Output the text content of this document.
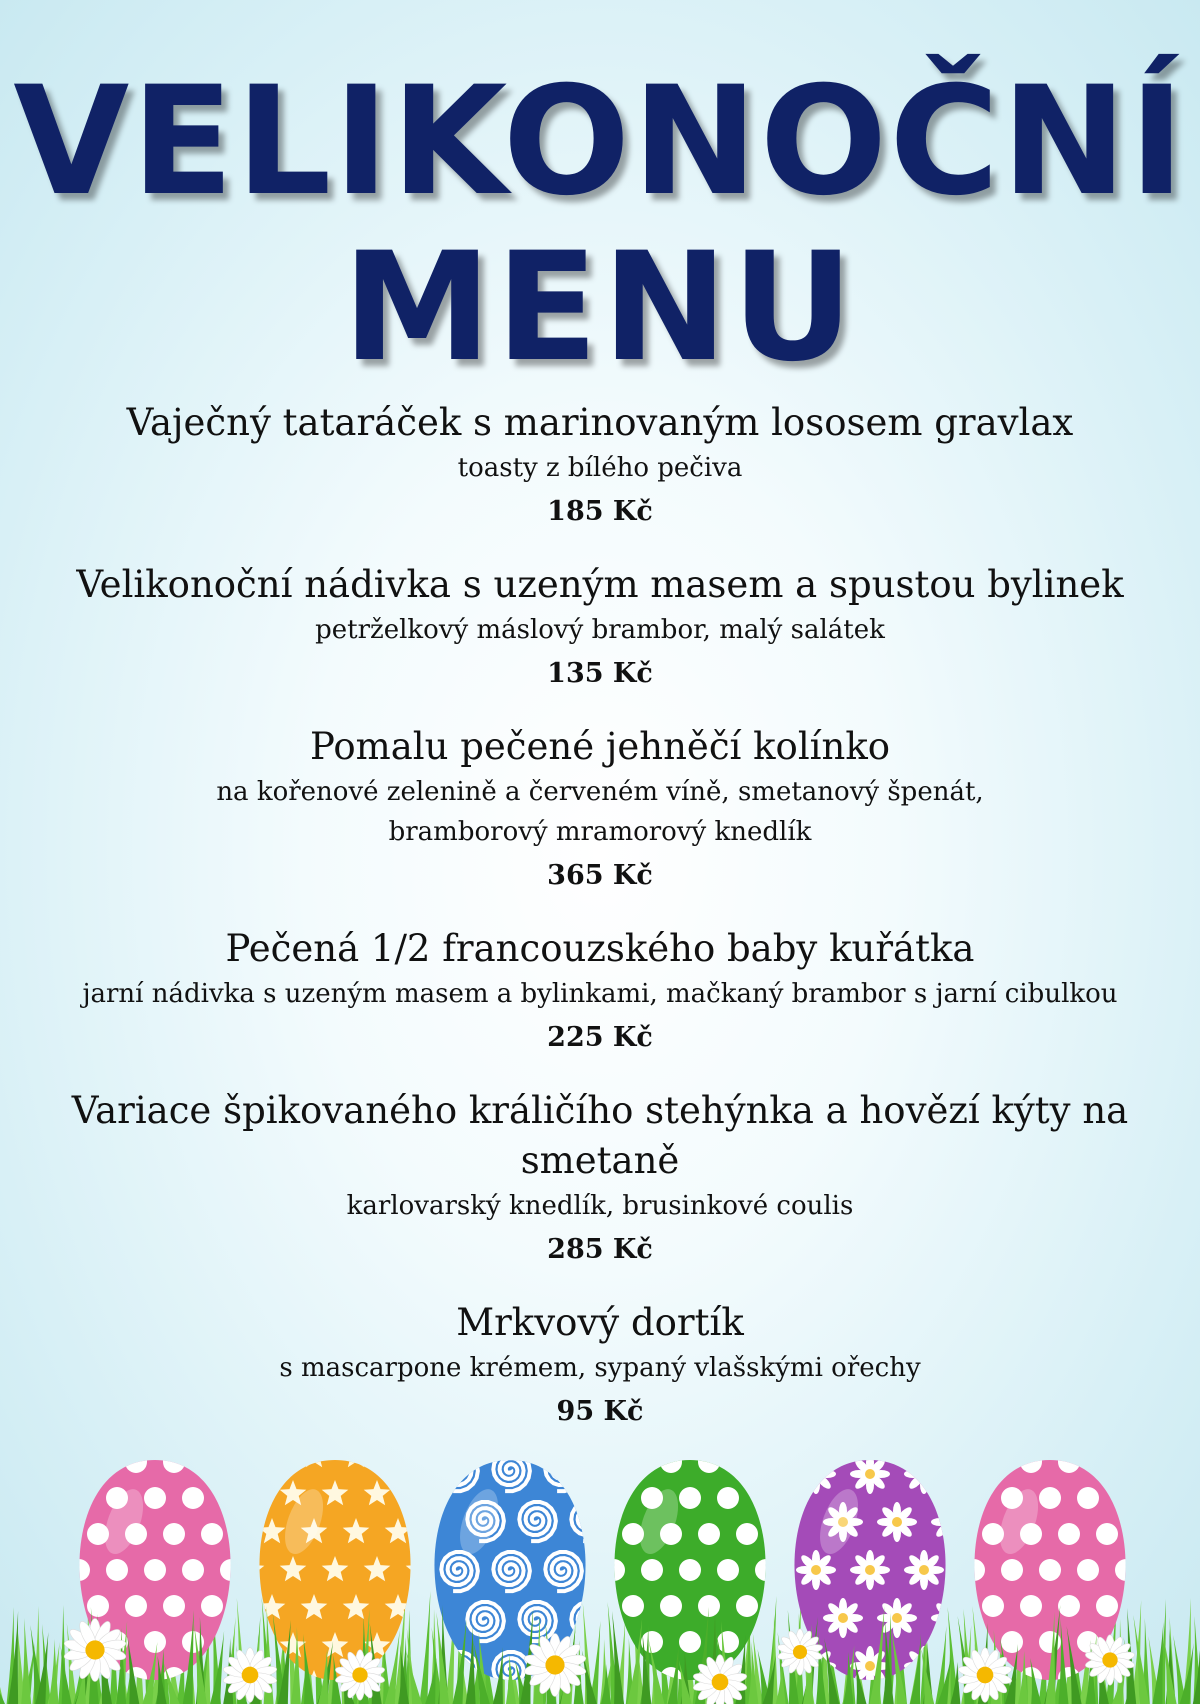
VELIKONOČNÍ
MENU
Vaječný tataráček s marinovaným lososem gravlax
toasty z bílého pečiva
185 Kč
Velikonoční nádivka s uzeným masem a spustou bylinek
petrželkový máslový brambor, malý salátek
135 Kč
Pomalu pečené jehněčí kolínko
na kořenové zelenině a červeném víně, smetanový špenát,
bramborový mramorový knedlík
365 Kč
Pečená 1/2 francouzského baby kuřátka
jarní nádivka s uzeným masem a bylinkami, mačkaný brambor s jarní cibulkou
225 Kč
Variace špikovaného králičího stehýnka a hovězí kýty na smetaně
karlovarský knedlík, brusinkové coulis
285 Kč
Mrkvový dortík
s mascarpone krémem, sypaný vlašskými ořechy
95 Kč
